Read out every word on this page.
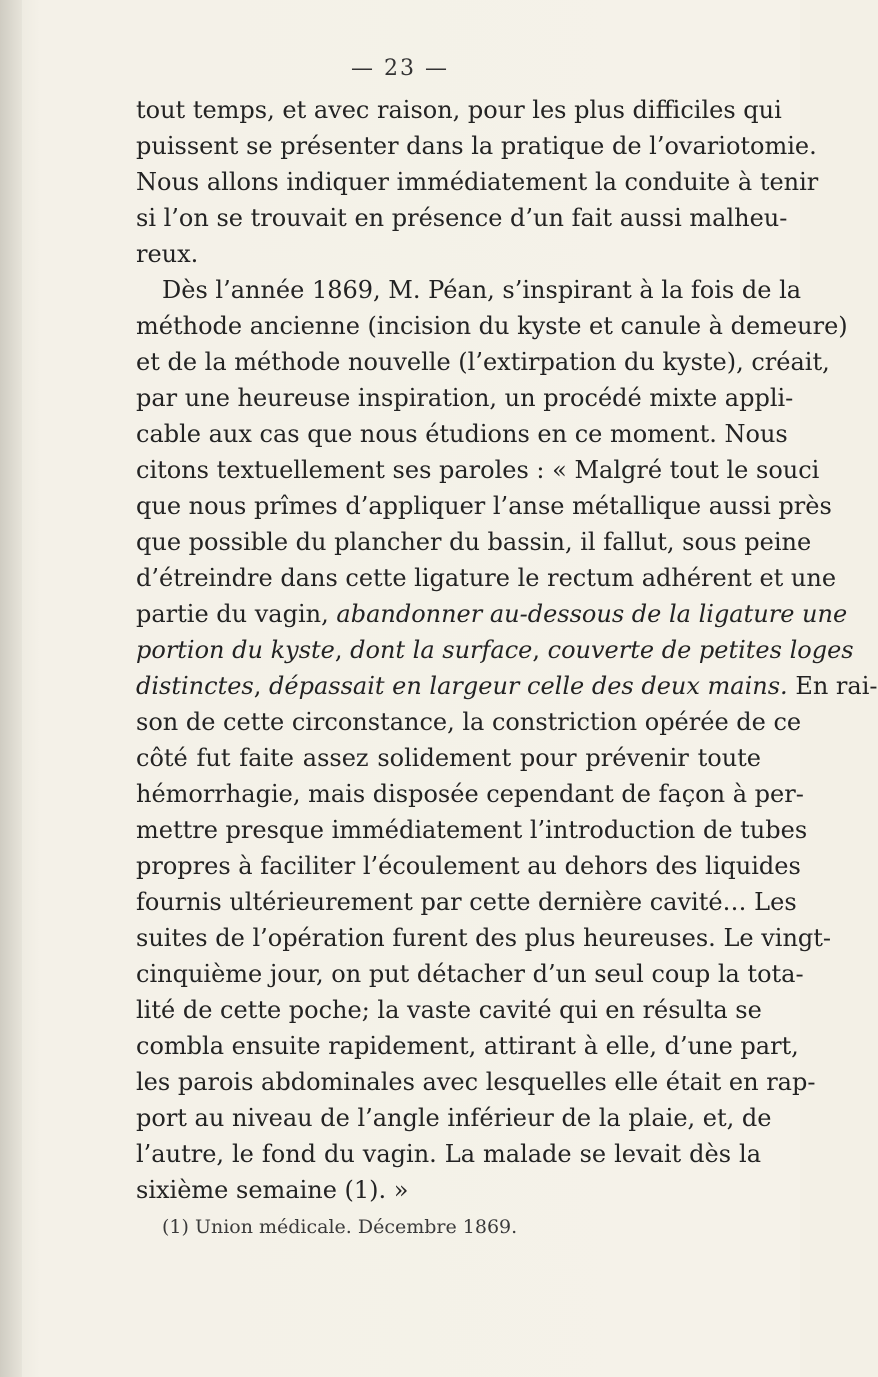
— 23 —
tout temps, et avec raison, pour les plus difficiles qui
puissent se présenter dans la pratique de l’ovariotomie.
Nous allons indiquer immédiatement la conduite à tenir
si l’on se trouvait en présence d’un fait aussi malheu-
reux.
Dès l’année 1869, M. Péan, s’inspirant à la fois de la
méthode ancienne (incision du kyste et canule à demeure)
et de la méthode nouvelle (l’extirpation du kyste), créait,
par une heureuse inspiration, un procédé mixte appli-
cable aux cas que nous étudions en ce moment. Nous
citons textuellement ses paroles : « Malgré tout le souci
que nous prîmes d’appliquer l’anse métallique aussi près
que possible du plancher du bassin, il fallut, sous peine
d’étreindre dans cette ligature le rectum adhérent et une
partie du vagin, abandonner au-dessous de la ligature une
portion du kyste, dont la surface, couverte de petites loges
distinctes, dépassait en largeur celle des deux mains. En rai-
son de cette circonstance, la constriction opérée de ce
côté fut faite assez solidement pour prévenir toute
hémorrhagie, mais disposée cependant de façon à per-
mettre presque immédiatement l’introduction de tubes
propres à faciliter l’écoulement au dehors des liquides
fournis ultérieurement par cette dernière cavité… Les
suites de l’opération furent des plus heureuses. Le vingt-
cinquième jour, on put détacher d’un seul coup la tota-
lité de cette poche; la vaste cavité qui en résulta se
combla ensuite rapidement, attirant à elle, d’une part,
les parois abdominales avec lesquelles elle était en rap-
port au niveau de l’angle inférieur de la plaie, et, de
l’autre, le fond du vagin. La malade se levait dès la
sixième semaine (1). »
(1) Union médicale. Décembre 1869.
